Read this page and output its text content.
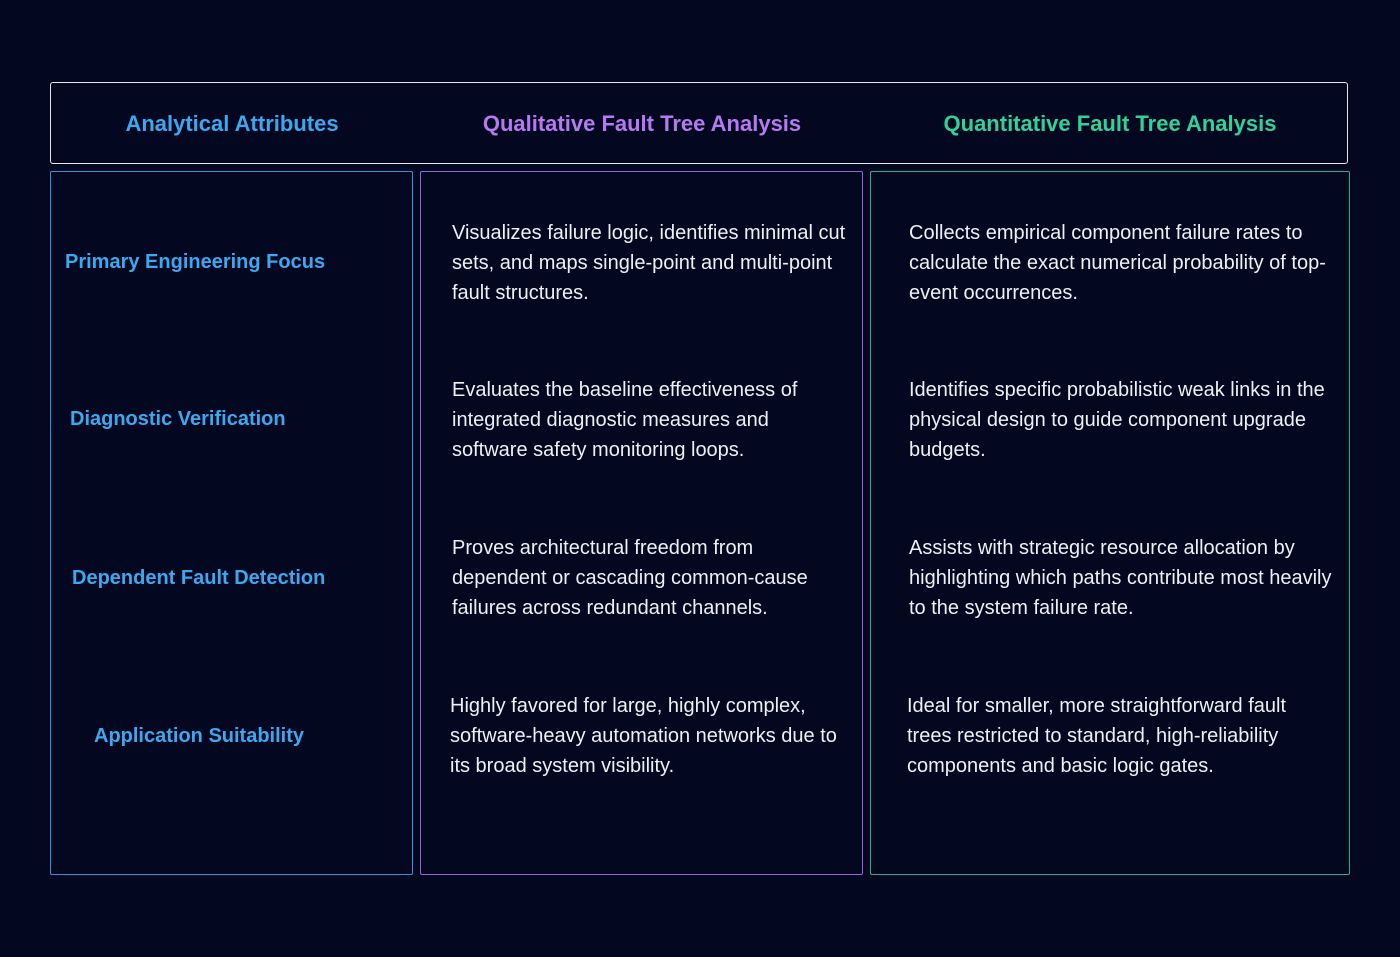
Analytical Attributes	Qualitative Fault Tree Analysis	Quantitative Fault Tree Analysis
Primary Engineering Focus
Diagnostic Verification
Dependent Fault Detection
Application Suitability
Visualizes failure logic, identifies minimal cut sets, and maps single-point and multi-point fault structures.
Evaluates the baseline effectiveness of integrated diagnostic measures and software safety monitoring loops.
Proves architectural freedom from dependent or cascading common-cause failures across redundant channels.
Highly favored for large, highly complex, software-heavy automation networks due to its broad system visibility.
Collects empirical component failure rates to calculate the exact numerical probability of top-event occurrences.
Identifies specific probabilistic weak links in the physical design to guide component upgrade budgets.
Assists with strategic resource allocation by highlighting which paths contribute most heavily to the system failure rate.
Ideal for smaller, more straightforward fault trees restricted to standard, high-reliability components and basic logic gates.
